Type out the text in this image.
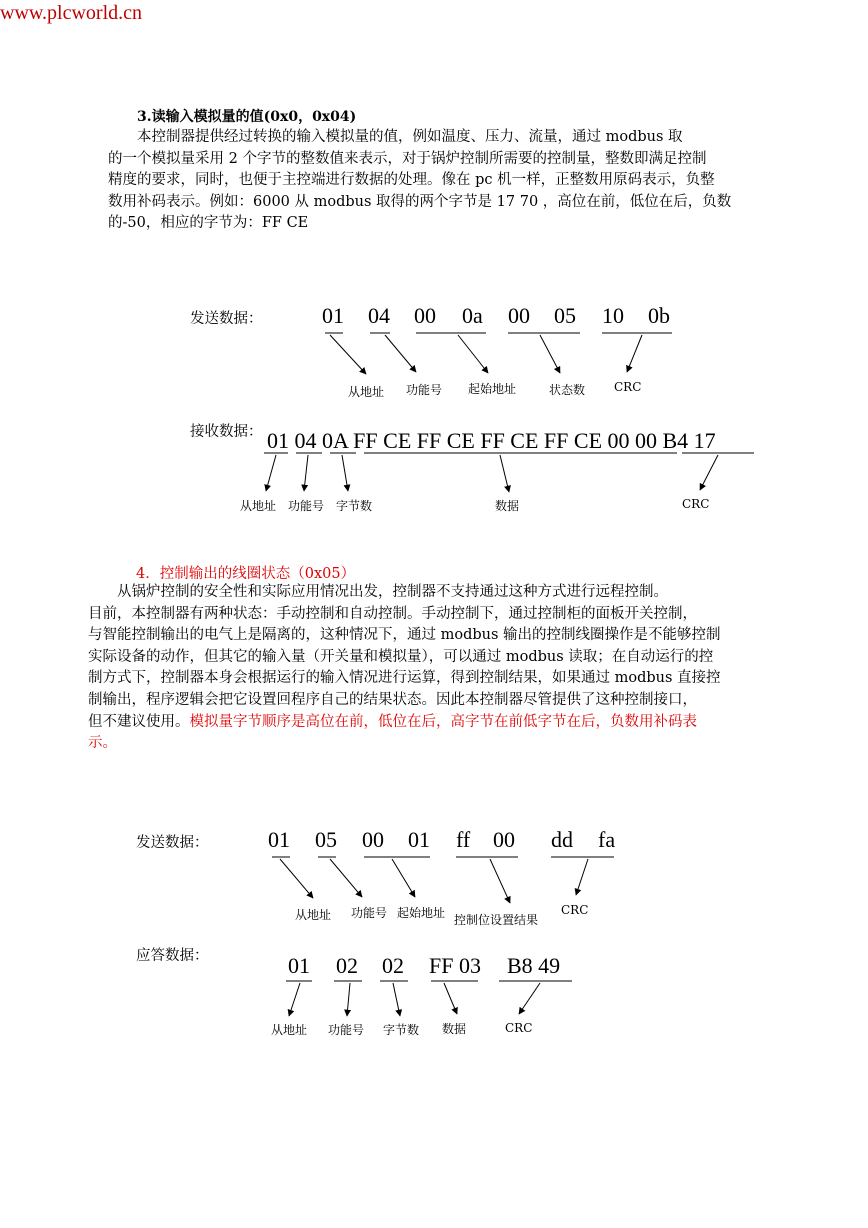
www.plcworld.cn
3.读输入模拟量的值(0x0，0x04)
　　本控制器提供经过转换的输入模拟量的值，例如温度、压力、流量，通过 modbus 取
的一个模拟量采用 2 个字节的整数值来表示，对于锅炉控制所需要的控制量，整数即满足控制
精度的要求，同时，也便于主控端进行数据的处理。像在 pc 机一样，正整数用原码表示，负整
数用补码表示。例如：6000 从 modbus 取得的两个字节是 17 70 ，高位在前，低位在后，负数
的-50，相应的字节为：FF CE
发送数据：	01 04 00 0a 00 05 10 0b
从地址 功能号 起始地址	状态数 CRC
接收数据： 01 04 0A FF CE FF CE FF CE FF CE 00 00 B4 17
从地址 功能号 字节数	数据	CRC
4．控制输出的线圈状态（0x05）
　　从锅炉控制的安全性和实际应用情况出发，控制器不支持通过这种方式进行远程控制。
目前，本控制器有两种状态：手动控制和自动控制。手动控制下，通过控制柜的面板开关控制，
与智能控制输出的电气上是隔离的，这种情况下，通过 modbus 输出的控制线圈操作是不能够控制
实际设备的动作，但其它的输入量（开关量和模拟量），可以通过 modbus 读取；在自动运行的控
制方式下，控制器本身会根据运行的输入情况进行运算，得到控制结果，如果通过 modbus 直接控
制输出，程序逻辑会把它设置回程序自己的结果状态。因此本控制器尽管提供了这种控制接口，
但不建议使用。模拟量字节顺序是高位在前，低位在后，高字节在前低字节在后，负数用补码表
示。
发送数据：	01 05 00 01 ff 00 dd fa
从地址 功能号 起始地址 控制位设置结果
CRC
应答数据：	01 02 02 FF 03 B8 49
从地址 功能号 字节数 数据	CRC
